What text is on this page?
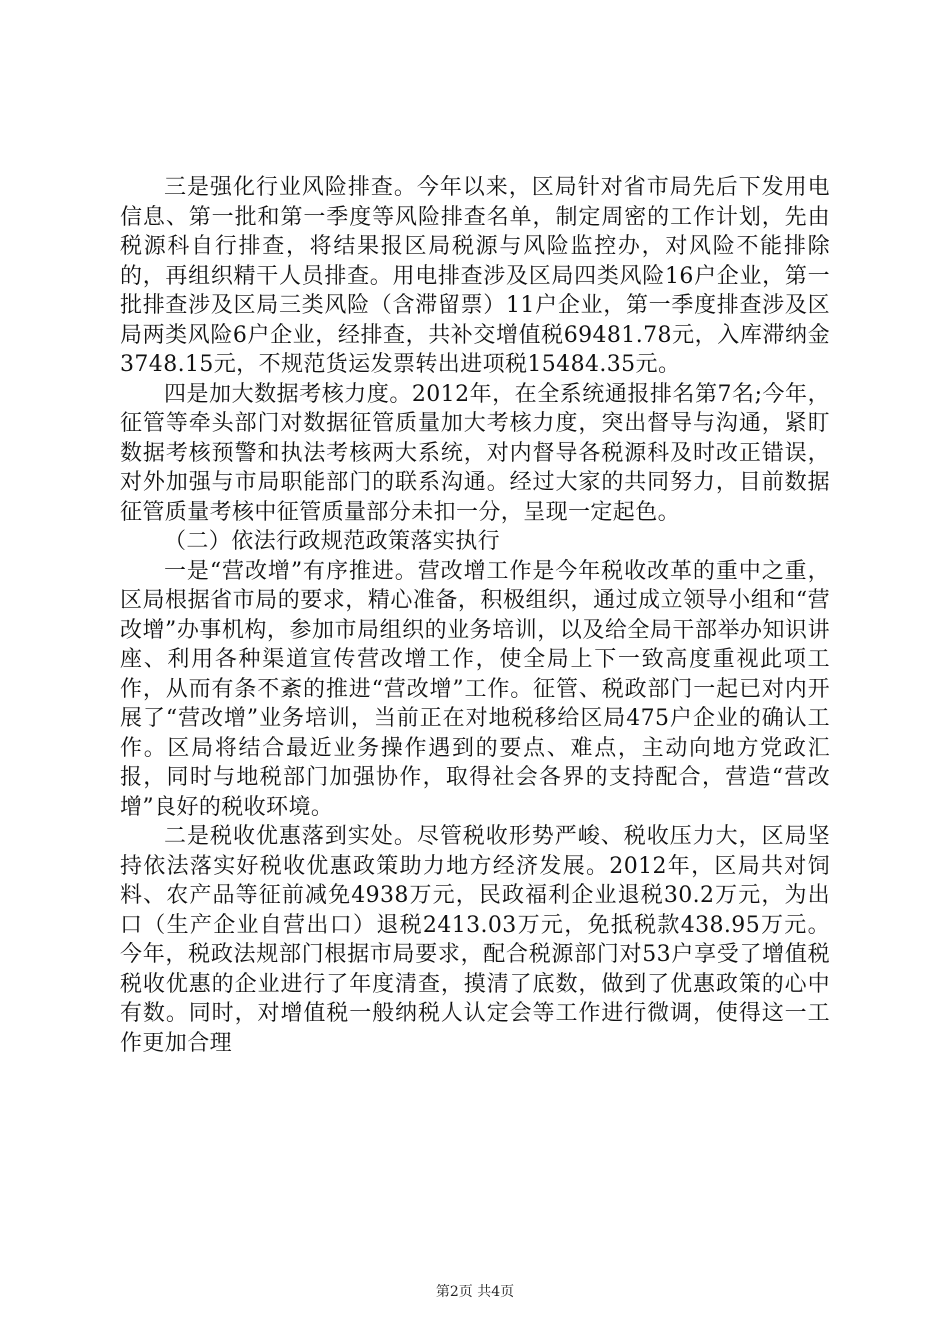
三是强化行业风险排查。今年以来，区局针对省市局先后下发用电信息、第一批和第一季度等风险排查名单，制定周密的工作计划，先由税源科自行排查，将结果报区局税源与风险监控办，对风险不能排除的，再组织精干人员排查。用电排查涉及区局四类风险16户企业，第一批排查涉及区局三类风险（含滞留票）11户企业，第一季度排查涉及区局两类风险6户企业，经排查，共补交增值税69481.78元，入库滞纳金3748.15元，不规范货运发票转出进项税15484.35元。

四是加大数据考核力度。2012年，在全系统通报排名第7名;今年，征管等牵头部门对数据征管质量加大考核力度，突出督导与沟通，紧盯数据考核预警和执法考核两大系统，对内督导各税源科及时改正错误，对外加强与市局职能部门的联系沟通。经过大家的共同努力，目前数据征管质量考核中征管质量部分未扣一分，呈现一定起色。

（二）依法行政规范政策落实执行

一是“营改增”有序推进。营改增工作是今年税收改革的重中之重，区局根据省市局的要求，精心准备，积极组织，通过成立领导小组和“营改增”办事机构，参加市局组织的业务培训，以及给全局干部举办知识讲座、利用各种渠道宣传营改增工作，使全局上下一致高度重视此项工作，从而有条不紊的推进“营改增”工作。征管、税政部门一起已对内开展了“营改增”业务培训，当前正在对地税移给区局475户企业的确认工作。区局将结合最近业务操作遇到的要点、难点，主动向地方党政汇报，同时与地税部门加强协作，取得社会各界的支持配合，营造“营改增”良好的税收环境。

二是税收优惠落到实处。尽管税收形势严峻、税收压力大，区局坚持依法落实好税收优惠政策助力地方经济发展。2012年，区局共对饲料、农产品等征前减免4938万元，民政福利企业退税30.2万元，为出口（生产企业自营出口）退税2413.03万元，免抵税款438.95万元。今年，税政法规部门根据市局要求，配合税源部门对53户享受了增值税税收优惠的企业进行了年度清查，摸清了底数，做到了优惠政策的心中有数。同时，对增值税一般纳税人认定会等工作进行微调，使得这一工作更加合理

第2页 共4页
